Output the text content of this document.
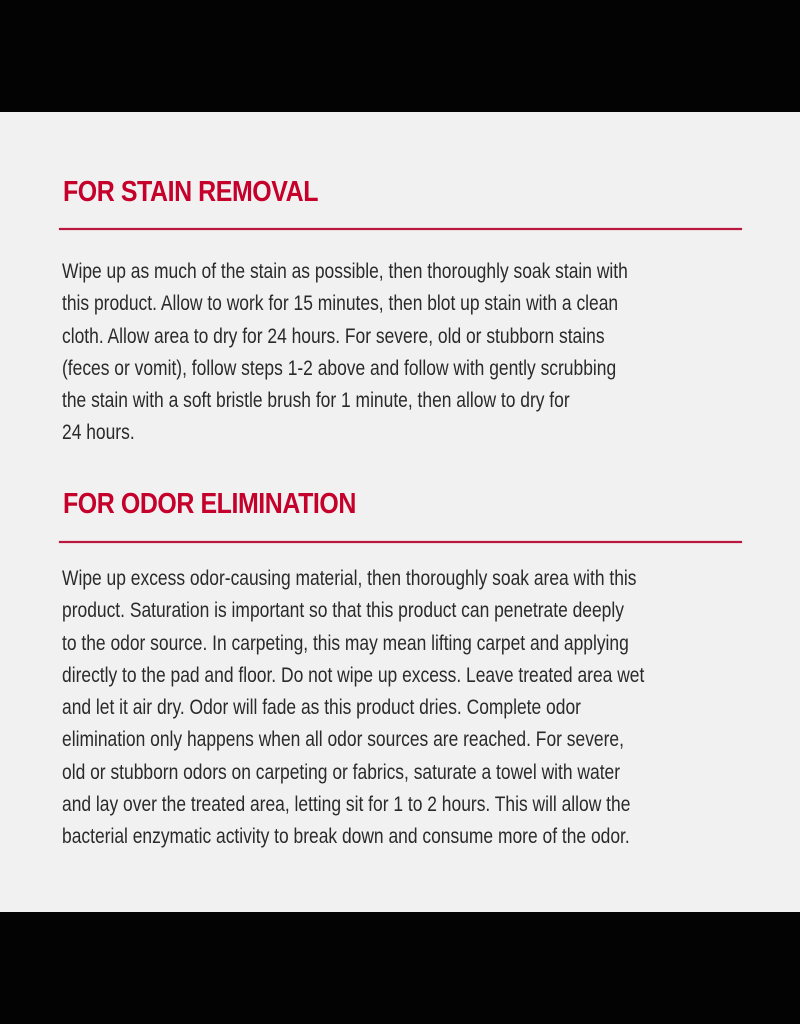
FOR STAIN REMOVAL

Wipe up as much of the stain as possible, then thoroughly soak stain with
this product. Allow to work for 15 minutes, then blot up stain with a clean
cloth. Allow area to dry for 24 hours. For severe, old or stubborn stains
(feces or vomit), follow steps 1-2 above and follow with gently scrubbing
the stain with a soft bristle brush for 1 minute, then allow to dry for
24 hours.

FOR ODOR ELIMINATION

Wipe up excess odor-causing material, then thoroughly soak area with this
product. Saturation is important so that this product can penetrate deeply
to the odor source. In carpeting, this may mean lifting carpet and applying
directly to the pad and floor. Do not wipe up excess. Leave treated area wet
and let it air dry. Odor will fade as this product dries. Complete odor
elimination only happens when all odor sources are reached. For severe,
old or stubborn odors on carpeting or fabrics, saturate a towel with water
and lay over the treated area, letting sit for 1 to 2 hours. This will allow the
bacterial enzymatic activity to break down and consume more of the odor.
